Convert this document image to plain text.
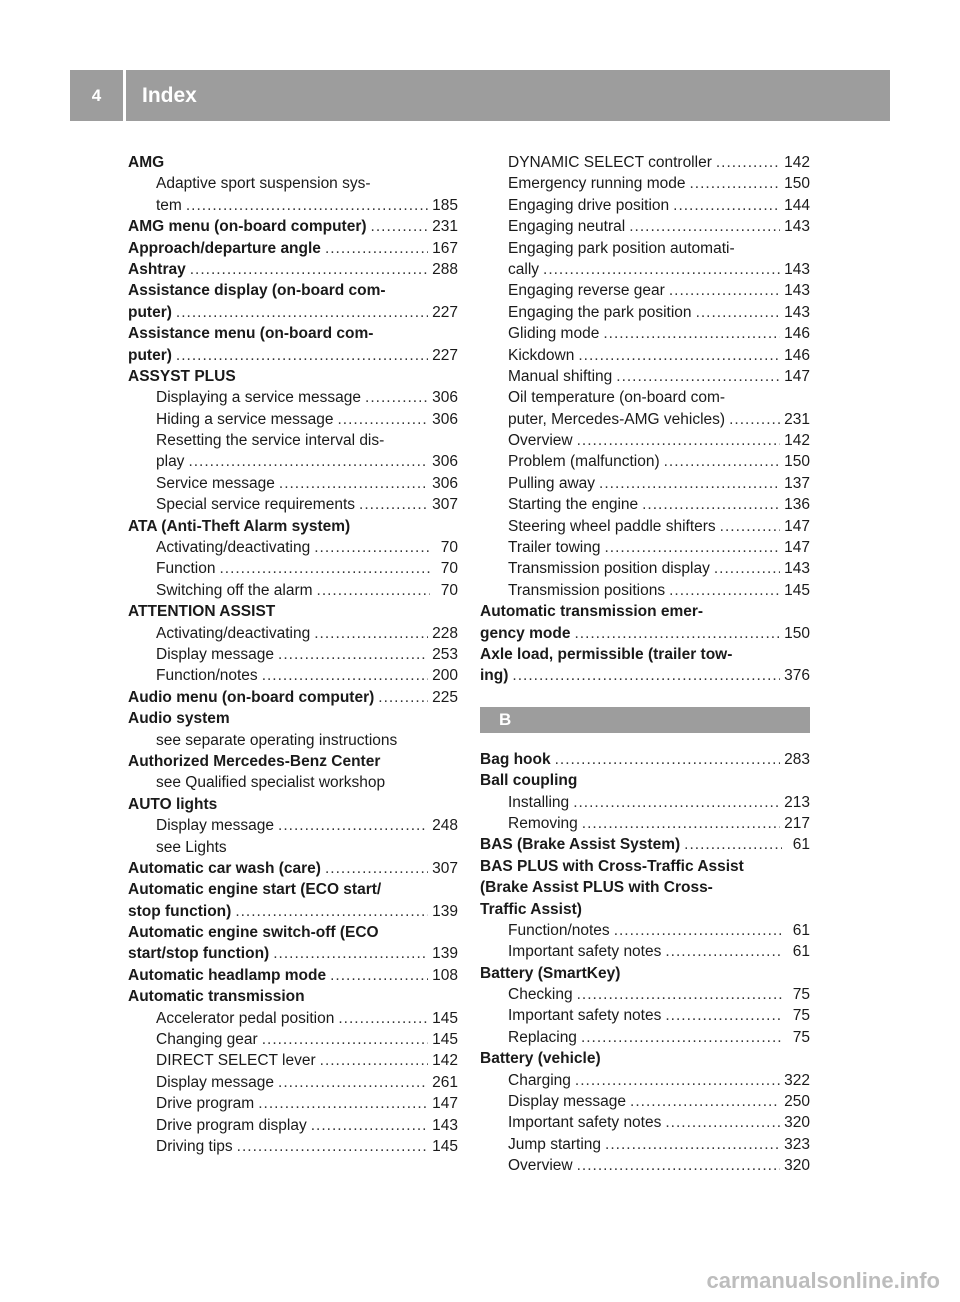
4	Index
AMG
Adaptive sport suspension sys-
tem .....	185
AMG menu (on-board computer) .....	231
Approach/departure angle .....	167
Ashtray .....	288
Assistance display (on-board com-
puter) .....	227
Assistance menu (on-board com-
puter) .....	227
ASSYST PLUS
Displaying a service message .....	306
Hiding a service message .....	306
Resetting the service interval dis-
play .....	306
Service message .....	306
Special service requirements .....	307
ATA (Anti-Theft Alarm system)
Activating/deactivating .....	70
Function .....	70
Switching off the alarm .....	70
ATTENTION ASSIST
Activating/deactivating .....	228
Display message .....	253
Function/notes .....	200
Audio menu (on-board computer) .....	225
Audio system
see separate operating instructions
Authorized Mercedes-Benz Center
see Qualified specialist workshop
AUTO lights
Display message .....	248
see Lights
Automatic car wash (care) .....	307
Automatic engine start (ECO start/
stop function) .....	139
Automatic engine switch-off (ECO
start/stop function) .....	139
Automatic headlamp mode .....	108
Automatic transmission
Accelerator pedal position .....	145
Changing gear .....	145
DIRECT SELECT lever .....	142
Display message .....	261
Drive program .....	147
Drive program display .....	143
Driving tips .....	145
DYNAMIC SELECT controller .....	142
Emergency running mode .....	150
Engaging drive position .....	144
Engaging neutral .....	143
Engaging park position automati-
cally .....	143
Engaging reverse gear .....	143
Engaging the park position .....	143
Gliding mode .....	146
Kickdown .....	146
Manual shifting .....	147
Oil temperature (on-board com-
puter, Mercedes-AMG vehicles) .....	231
Overview .....	142
Problem (malfunction) .....	150
Pulling away .....	137
Starting the engine .....	136
Steering wheel paddle shifters .....	147
Trailer towing .....	147
Transmission position display .....	143
Transmission positions .....	145
Automatic transmission emer-
gency mode .....	150
Axle load, permissible (trailer tow-
ing) .....	376
B
Bag hook .....	283
Ball coupling
Installing .....	213
Removing .....	217
BAS (Brake Assist System) .....	61
BAS PLUS with Cross-Traffic Assist
(Brake Assist PLUS with Cross-
Traffic Assist)
Function/notes .....	61
Important safety notes .....	61
Battery (SmartKey)
Checking .....	75
Important safety notes .....	75
Replacing .....	75
Battery (vehicle)
Charging .....	322
Display message .....	250
Important safety notes .....	320
Jump starting .....	323
Overview .....	320
carmanualsonline.info
